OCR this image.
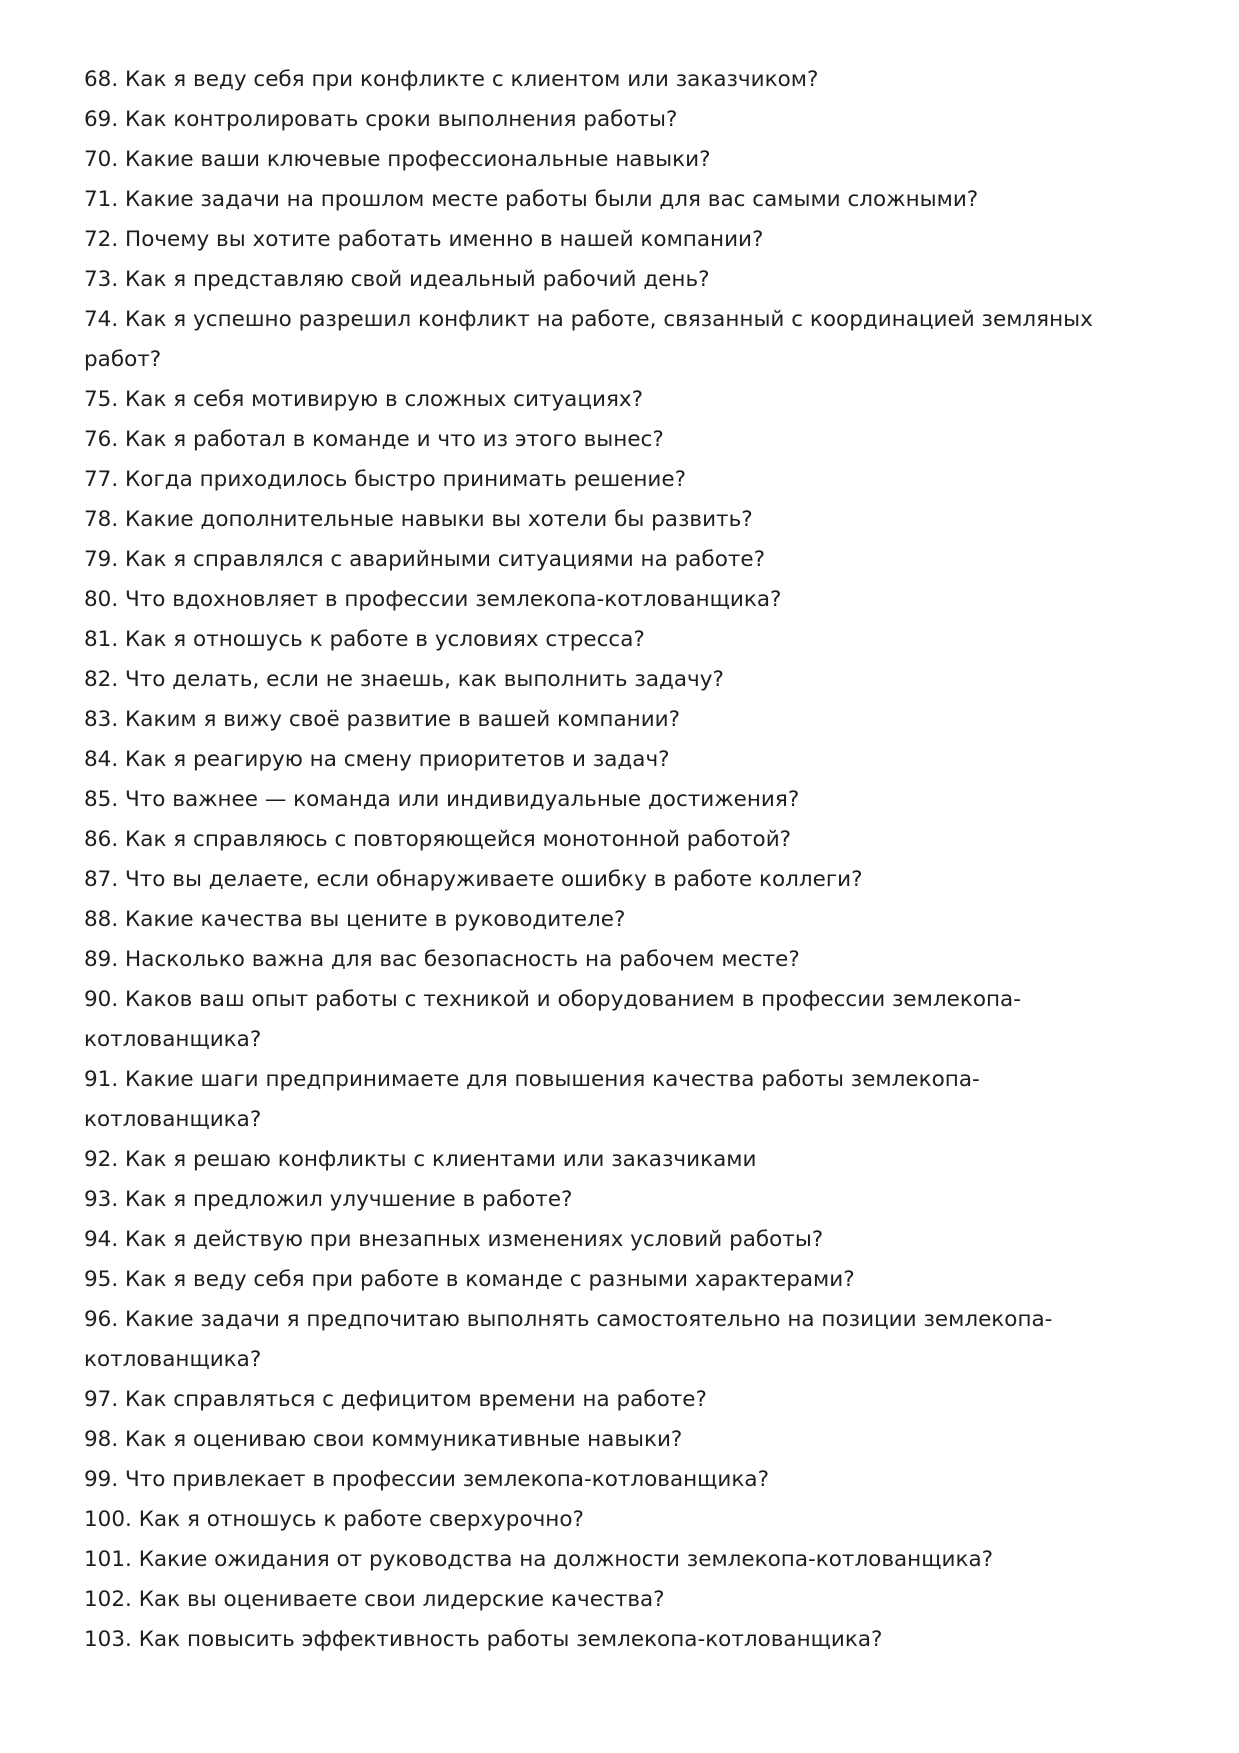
68. Как я веду себя при конфликте с клиентом или заказчиком?
69. Как контролировать сроки выполнения работы?
70. Какие ваши ключевые профессиональные навыки?
71. Какие задачи на прошлом месте работы были для вас самыми сложными?
72. Почему вы хотите работать именно в нашей компании?
73. Как я представляю свой идеальный рабочий день?
74. Как я успешно разрешил конфликт на работе, связанный с координацией земляных
работ?
75. Как я себя мотивирую в сложных ситуациях?
76. Как я работал в команде и что из этого вынес?
77. Когда приходилось быстро принимать решение?
78. Какие дополнительные навыки вы хотели бы развить?
79. Как я справлялся с аварийными ситуациями на работе?
80. Что вдохновляет в профессии землекопа-котлованщика?
81. Как я отношусь к работе в условиях стресса?
82. Что делать, если не знаешь, как выполнить задачу?
83. Каким я вижу своё развитие в вашей компании?
84. Как я реагирую на смену приоритетов и задач?
85. Что важнее — команда или индивидуальные достижения?
86. Как я справляюсь с повторяющейся монотонной работой?
87. Что вы делаете, если обнаруживаете ошибку в работе коллеги?
88. Какие качества вы цените в руководителе?
89. Насколько важна для вас безопасность на рабочем месте?
90. Каков ваш опыт работы с техникой и оборудованием в профессии землекопа-
котлованщика?
91. Какие шаги предпринимаете для повышения качества работы землекопа-
котлованщика?
92. Как я решаю конфликты с клиентами или заказчиками
93. Как я предложил улучшение в работе?
94. Как я действую при внезапных изменениях условий работы?
95. Как я веду себя при работе в команде с разными характерами?
96. Какие задачи я предпочитаю выполнять самостоятельно на позиции землекопа-
котлованщика?
97. Как справляться с дефицитом времени на работе?
98. Как я оцениваю свои коммуникативные навыки?
99. Что привлекает в профессии землекопа-котлованщика?
100. Как я отношусь к работе сверхурочно?
101. Какие ожидания от руководства на должности землекопа-котлованщика?
102. Как вы оцениваете свои лидерские качества?
103. Как повысить эффективность работы землекопа-котлованщика?
